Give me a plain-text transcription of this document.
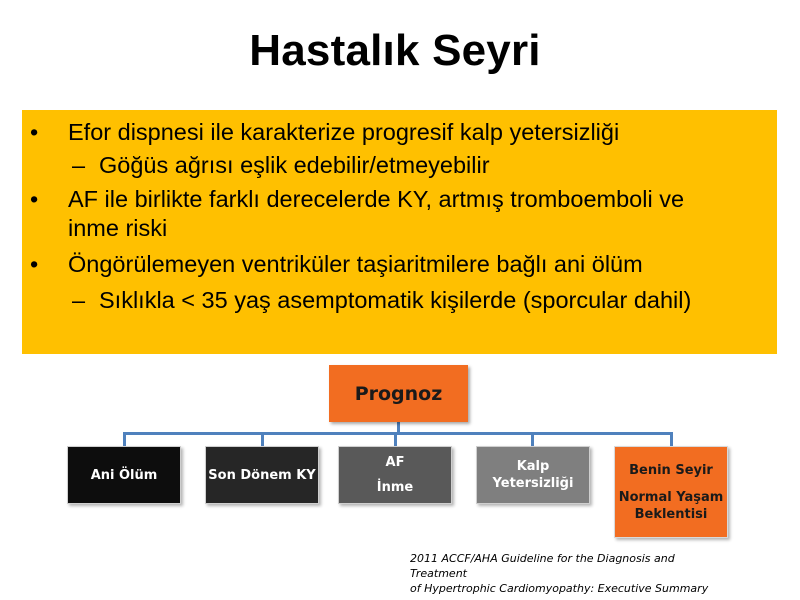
Hastalık Seyri
• Efor dispnesi ile karakterize progresif kalp yetersizliği
– Göğüs ağrısı eşlik edebilir/etmeyebilir
• AF ile birlikte farklı derecelerde KY, artmış tromboemboli ve
inme riski
• Öngörülemeyen ventriküler taşiaritmilere bağlı ani ölüm
– Sıklıkla < 35 yaş asemptomatik kişilerde (sporcular dahil)
Prognoz
Ani Ölüm	Son Dönem KY
AF
İnme
Kalp
Yetersizliği
Benin Seyir
Normal Yaşam
Beklentisi
2011 ACCF/AHA Guideline for the Diagnosis and
Treatment
of Hypertrophic Cardiomyopathy: Executive Summary
